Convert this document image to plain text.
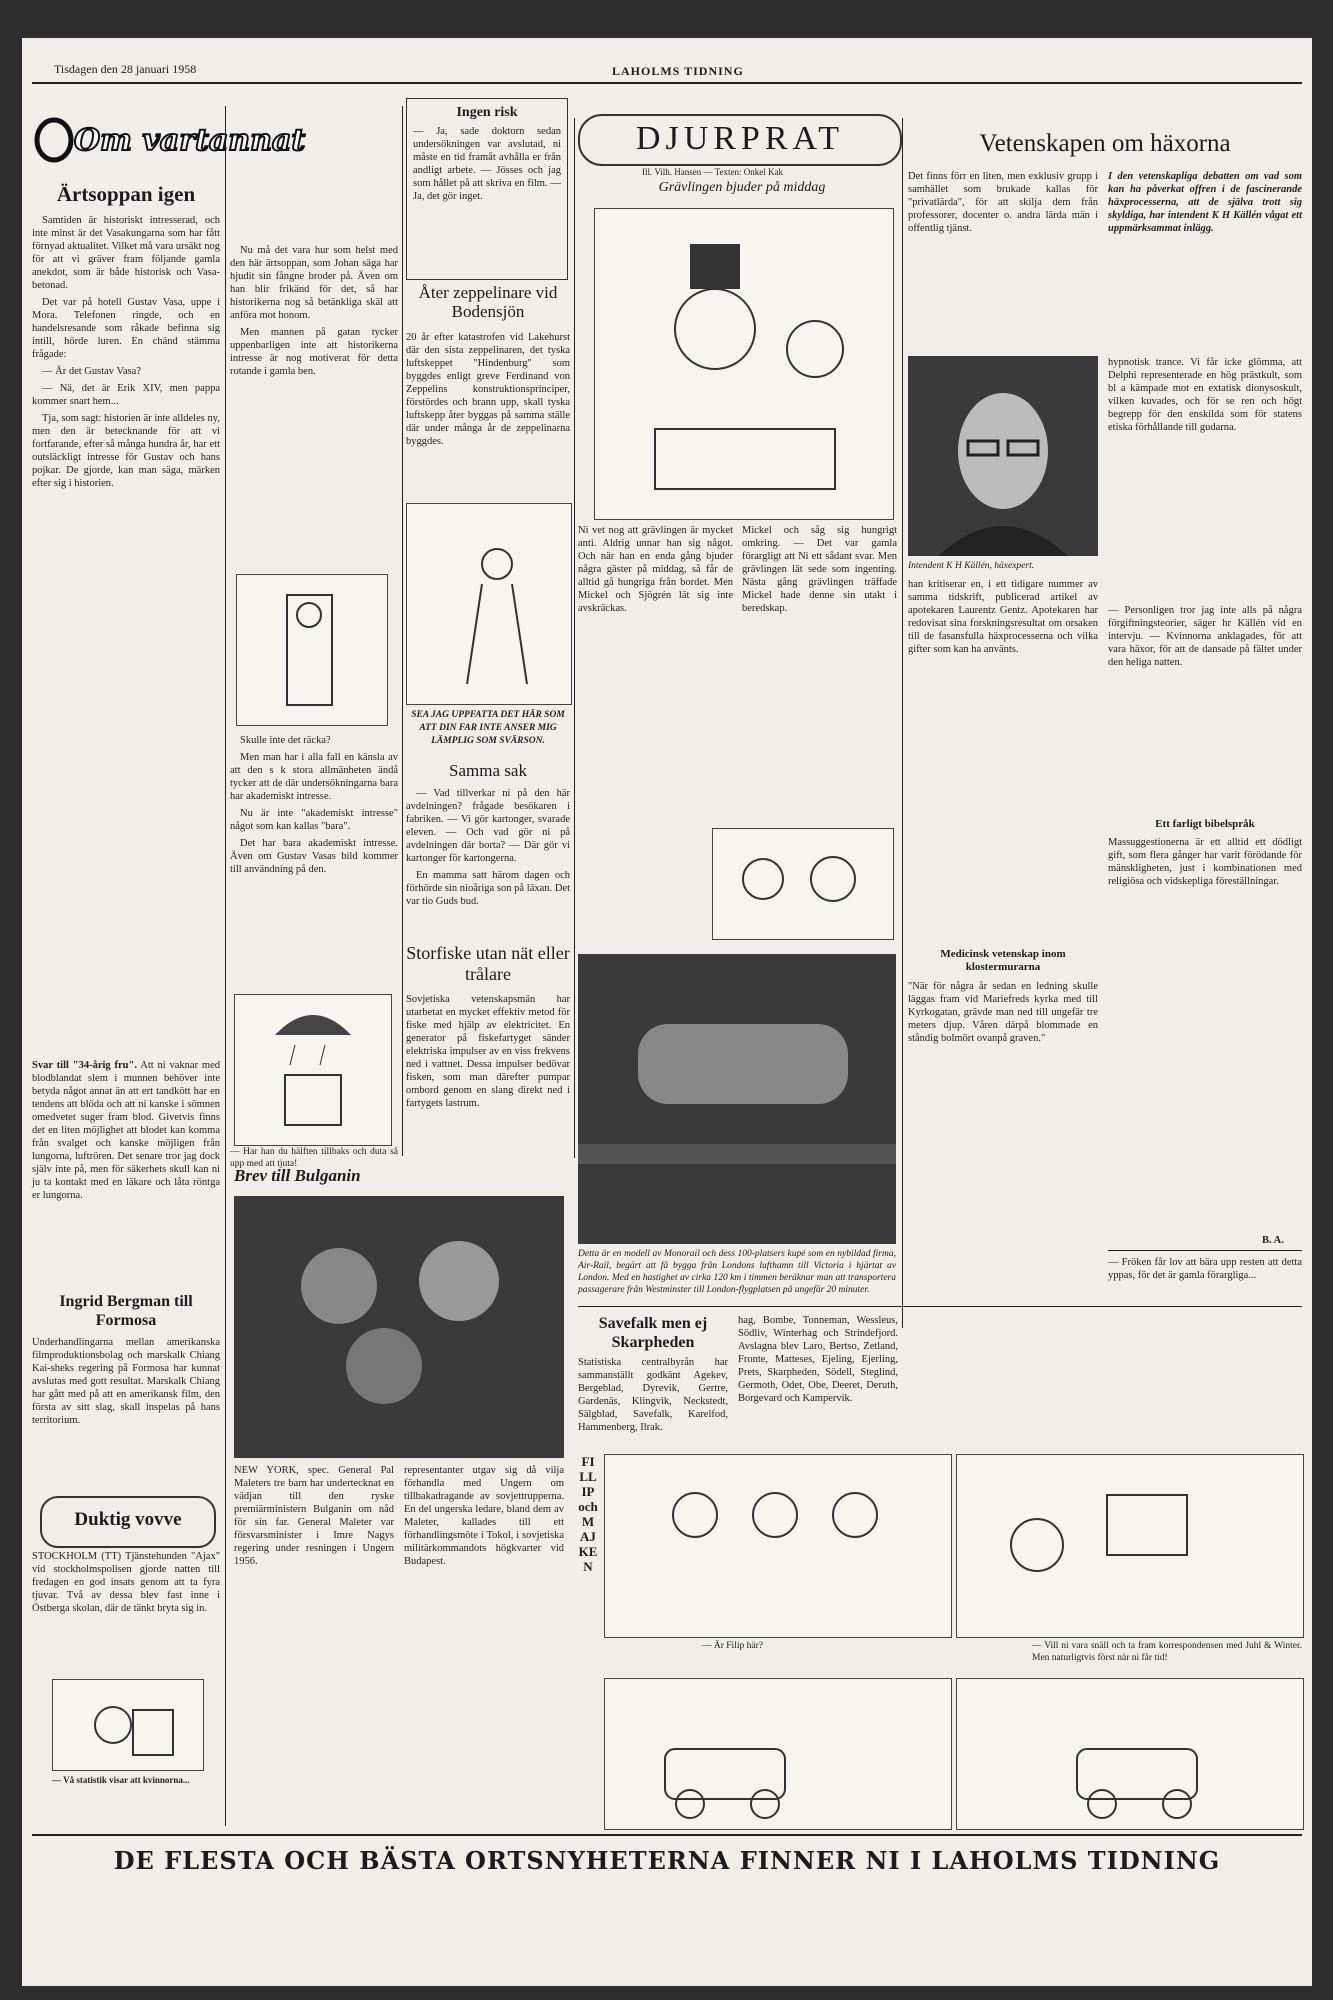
Tisdagen den 28 januari 1958	LAHOLMS TIDNING
Om vartannat
Ärtsoppan igen

Samtiden är historiskt intresserad, och inte minst är det Vasakungarna som har fått förnyad aktualitet. Vilket må vara ursäkt nog för att vi gräver fram följande gamla anekdot, som är både historisk och Vasa-betonad.

Det var på hotell Gustav Vasa, uppe i Mora. Telefonen ringde, och en handelsresande som råkade befinna sig intill, hörde luren. En chänd stämma frågade:

— Är det Gustav Vasa?

— Nä, det är Erik XIV, men pappa kommer snart hem...

Tja, som sagt: historien är inte alldeles ny, men den är betecknande för att vi fortfarande, efter så många hundra år, har ett outsläckligt intresse för Gustav och hans pojkar. De gjorde, kan man säga, märken efter sig i historien.

Svar till "34-årig fru". Att ni vaknar med blodblandat slem i munnen behöver inte betyda något annat än att ert tandkött har en tendens att blöda och att ni kanske i sömnen omedvetet suger fram blod. Givetvis finns det en liten möjlighet att blodet kan komma från svalget och kanske möjligen från lungorna, luftrören. Det senare tror jag dock själv inte på, men för säkerhets skull kan ni ju ta kontakt med en läkare och låta röntga er lungorna.
Ingrid Bergman till Formosa
Underhandlingarna mellan amerikanska filmproduktionsbolag och marskalk Chiang Kai-sheks regering på Formosa har kunnat avslutas med gott resultat. Marskalk Chiang har gått med på att en amerikansk film, den första av sitt slag, skall inspelas på hans territorium.
Duktig vovve
STOCKHOLM (TT) Tjänstehunden "Ajax" vid stockholmspolisen gjorde natten till fredagen en god insats genom att ta fyra tjuvar. Två av dessa blev fast inne i Östberga skolan, där de tänkt bryta sig in.
— Vå statistik visar att kvinnorna...

Nu må det vara hur som helst med den här ärtsoppan, som Johan säga har hjudit sin fångne broder på. Även om han blir frikänd för det, så har historikerna nog så betänkliga skäl att anföra mot honom.

Men mannen på gatan tycker uppenbarligen inte att historikerna intresse är nog motiverat för detta rotande i gamla ben.

Skulle inte det räcka?

Men man har i alla fall en känsla av att den s k stora allmänheten ändå tycker att de där undersökningarna bara har akademiskt intresse.

Nu är inte "akademiskt intresse" något som kan kallas "bara".

Det har bara akademiskt intresse. Även om Gustav Vasas bild kommer till användning på den.

— Har han du hälften tillbaks och duta så upp med att tjuta!
Ingen risk
— Ja, sade doktorn sedan undersökningen var avslutad, ni måste en tid framåt avhålla er från andligt arbete. — Jösses och jag som hållet på att skriva en film. — Ja, det gör inget.
Åter zeppelinare vid Bodensjön
20 år efter katastrofen vid Lakehurst där den sista zeppelinaren, det tyska luftskeppet "Hindenburg" som byggdes enligt greve Ferdinand von Zeppelins konstruktionsprinciper, förstördes och brann upp, skall tyska luftskepp åter byggas på samma ställe där under många år de zeppelinarna byggdes.
SEA JAG UPPFATTA DET HÄR SOM ATT DIN FAR INTE ANSER MIG LÄMPLIG SOM SVÄRSON.
Samma sak

— Vad tillverkar ni på den här avdelningen? frågade besökaren i fabriken. — Vi gör kartonger, svarade eleven. — Och vad gör ni på avdelningen där borta? — Där gör vi kartonger för kartongerna.

En mamma satt härom dagen och förhörde sin nioåriga son på läxan. Det var tio Guds bud.

Storfiske utan nät eller trålare
Sovjetiska vetenskapsmän har utarbetat en mycket effektiv metod för fiske med hjälp av elektricitet. En generator på fiskefartyget sänder elektriska impulser av en viss frekvens ned i vattnet. Dessa impulser bedövar fisken, som man därefter pumpar ombord genom en slang direkt ned i fartygets lastrum.
Brev till Bulganin
NEW YORK, spec. General Pal Maleters tre barn har undertecknat en vädjan till den ryske premiärministern Bulganin om nåd för sin far. General Maleter var försvarsminister i Imre Nagys regering under resningen i Ungern 1956.
representanter utgav sig då vilja förhandla med Ungern om tillbakadragande av sovjettrupperna. En del ungerska ledare, bland dem av Maleter, kallades till ett förhandlingsmöte i Tokol, i sovjetiska militärkommandots högkvarter vid Budapest.
DJURPRAT
Ill. Vilh. Hansen — Texten: Onkel Kak
Grävlingen bjuder på middag
Ni vet nog att grävlingen är mycket anti. Aldrig unnar han sig något. Och när han en enda gång bjuder några gäster på middag, så får de alltid gå hungriga från bordet. Men Mickel och Sjögrén lät sig inte avskräckas.
Mickel och såg sig hungrigt omkring. — Det var gamla förargligt att Ni ett sådant svar. Men grävlingen lät sede som ingenting. Nästa gång grävlingen träffade Mickel hade denne sin utakt i beredskap.
Detta är en modell av Monorail och dess 100-platsers kupé som en nybildad firma, Air-Rail, begärt att få bygga från Londons lufthamn till Victoria i hjärtat av London. Med en hastighet av cirka 120 km i timmen beräknar man att transportera passagerare från Westminster till London-flygplatsen på ungefär 20 minuter.
Savefalk men ej Skarpheden
Statistiska centralbyrån har sammanställt godkänt Agekev, Bergeblad, Dyrevik, Gertre, Gardenäs, Klingvik, Neckstedt, Sälgblad, Savefalk, Karelfod, Hammenberg, Ilrak.
hag, Bombe, Tonneman, Wessleus, Södliv, Winterhag och Strindefjord. Avslagna blev Laro, Bertso, Zetland, Fronte, Matteses, Ejeling, Ejerling, Prets, Skarpheden, Södell, Steglind, Germoth, Odet, Obe, Deeret, Deruth, Borgevard och Kampervik.
FILLIP och MAJKEN
— Är Filip här?	— Vill ni vara snäll och ta fram korrespondensen med Juhl & Winter. Men naturligtvis först när ni får tid!
Vetenskapen om häxorna
Det finns förr en liten, men exklusiv grupp i samhället som brukade kallas för "privatlärda", för att skilja dem från professorer, docenter o. andra lärda män i offentlig tjänst.
I den vetenskapliga debatten om vad som kan ha påverkat offren i de fascinerande häxprocesserna, att de själva trott sig skyldiga, har intendent K H Källén vågat ett uppmärksammat inlägg.
Intendent K H Källén, häxexpert.
hypnotisk trance. Vi får icke glömma, att Delphi representerade en hög prästkult, som bl a kämpade mot en extatisk dionysoskult, vilken kuvades, och för se ren och högt begrepp för den enskilda som för statens etiska förhållande till gudarna.
han kritiserar en, i ett tidigare nummer av samma tidskrift, publicerad artikel av apotekaren Laurentz Gentz. Apotekaren har redovisat sina forskningsresultat om orsaken till de fasansfulla häxprocesserna och vilka gifter som kan ha använts.
Medicinsk vetenskap inom klostermurarna
"När för några år sedan en ledning skulle läggas fram vid Mariefreds kyrka med till Kyrkogatan, grävde man ned till ungefär tre meters djup. Våren därpå blommade en ståndig bolmört ovanpå graven."
— Personligen tror jag inte alls på några förgiftningsteorier, säger hr Källén vid en intervju. — Kvinnorna anklagades, för att vara häxor, för att de dansade på fältet under den heliga natten.
Ett farligt bibelspråk
Massuggestionerna är ett alltid ett dödligt gift, som flera gånger har varit förödande för mänskligheten, just i kombinationen med religiösa och vidskepliga föreställningar.
B. A.
— Fröken får lov att bära upp resten att detta yppas, för det är gamla förargliga...
DE FLESTA OCH BÄSTA ORTSNYHETERNA FINNER NI I LAHOLMS TIDNING
